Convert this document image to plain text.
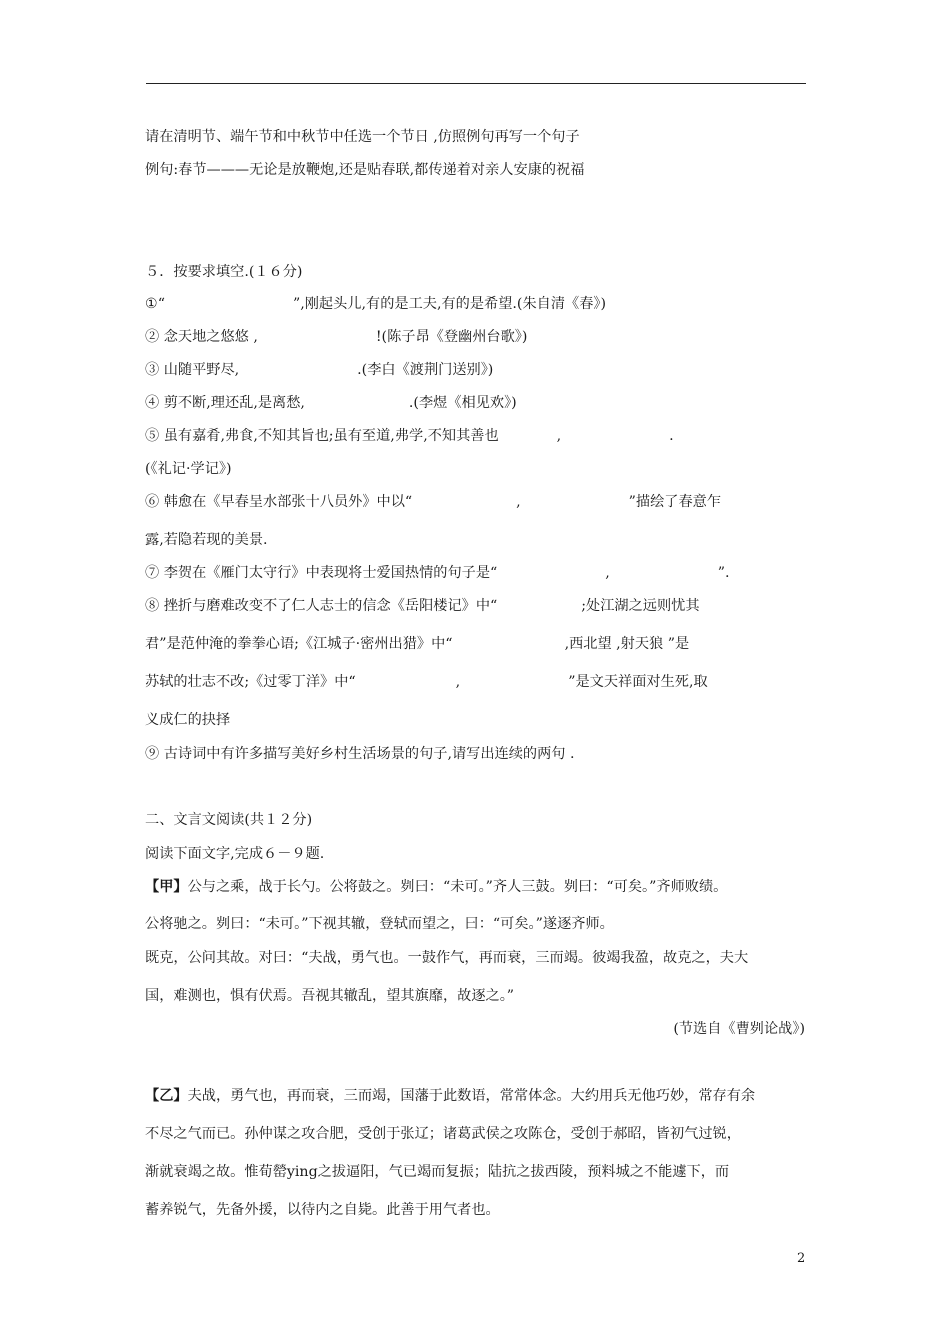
请在清明节、端午节和中秋节中任选一个节日 ,仿照例句再写一个句子
例句:春节———无论是放鞭炮,还是贴春联,都传递着对亲人安康的祝福
５．按要求填空.(１６分)
①“	”,刚起头儿,有的是工夫,有的是希望.(朱自清《春》)
② 念天地之悠悠 ,	!(陈子昂《登幽州台歌》)
③ 山随平野尽,	.(李白《渡荆门送别》)
④ 剪不断,理还乱,是离愁,	.(李煜《相见欢》)
⑤ 虽有嘉肴,弗食,不知其旨也;虽有至道,弗学,不知其善也	,	.
(《礼记·学记》)
⑥ 韩愈在《早春呈水部张十八员外》中以“	,	”描绘了春意乍
露,若隐若现的美景.
⑦ 李贺在《雁门太守行》中表现将士爱国热情的句子是“	,	”.
⑧ 挫折与磨难改变不了仁人志士的信念《岳阳楼记》中“	;处江湖之远则忧其
君”是范仲淹的拳拳心语;《江城子·密州出猎》中“	,西北望 ,射天狼 ”是
苏轼的壮志不改;《过零丁洋》中“	,	”是文天祥面对生死,取
义成仁的抉择
⑨ 古诗词中有许多描写美好乡村生活场景的句子,请写出连续的两句 .
二、文言文阅读(共１２分)
阅读下面文字,完成６－９题.
【甲】公与之乘，战于长勺。公将鼓之。刿曰：“未可。”齐人三鼓。刿曰：“可矣。”齐师败绩。
公将驰之。刿曰：“未可。”下视其辙，登轼而望之，曰：“可矣。”遂逐齐师。
既克，公问其故。对曰：“夫战，勇气也。一鼓作气，再而衰，三而竭。彼竭我盈，故克之，夫大
国，难测也，惧有伏焉。吾视其辙乱，望其旗靡，故逐之。”
(节选自《曹刿论战》)
【乙】夫战，勇气也，再而衰，三而竭，国藩于此数语，常常体念。大约用兵无他巧妙，常存有余
不尽之气而已。孙仲谋之攻合肥，受创于张辽；诸葛武侯之攻陈仓，受创于郝昭，皆初气过锐，
渐就衰竭之故。惟荀罃ying之拔逼阳，气已竭而复振；陆抗之拔西陵，预料城之不能遽下，而
蓄养锐气，先备外援，以待内之自毙。此善于用气者也。
2
